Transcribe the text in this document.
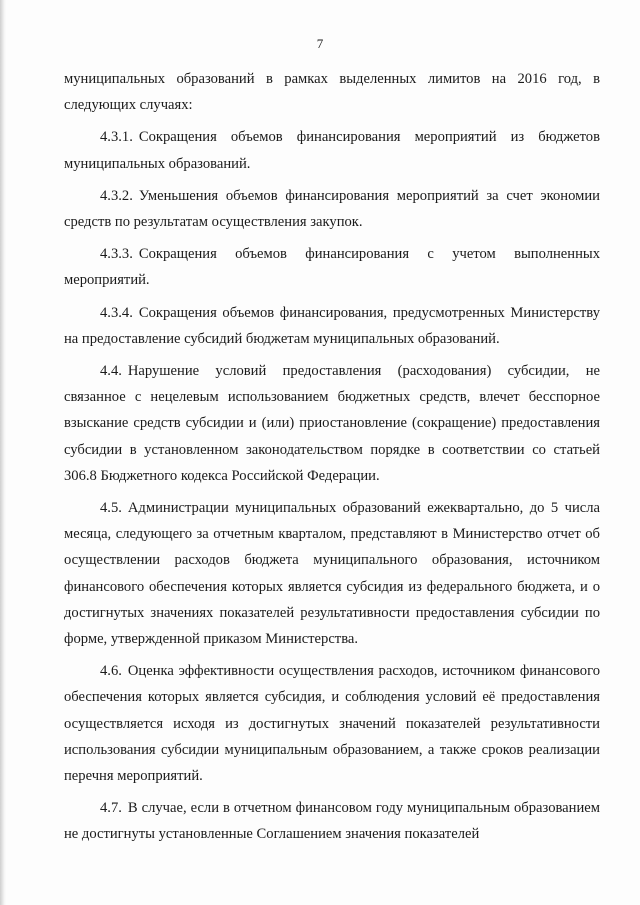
7

муниципальных образований в рамках выделенных лимитов на 2016 год, в следующих случаях:

4.3.1. Сокращения объемов финансирования мероприятий из бюджетов муниципальных образований.

4.3.2. Уменьшения объемов финансирования мероприятий за счет экономии средств по результатам осуществления закупок.

4.3.3. Сокращения объемов финансирования с учетом выполненных мероприятий.

4.3.4. Сокращения объемов финансирования, предусмотренных Министерству на предоставление субсидий бюджетам муниципальных образований.

4.4. Нарушение условий предоставления (расходования) субсидии, не связанное с нецелевым использованием бюджетных средств, влечет бесспорное взыскание средств субсидии и (или) приостановление (сокращение) предоставления субсидии в установленном законодательством порядке в соответствии со статьей 306.8 Бюджетного кодекса Российской Федерации.

4.5. Администрации муниципальных образований ежеквартально, до 5 числа месяца, следующего за отчетным кварталом, представляют в Министерство отчет об осуществлении расходов бюджета муниципального образования, источником финансового обеспечения которых является субсидия из федерального бюджета, и о достигнутых значениях показателей результативности предоставления субсидии по форме, утвержденной приказом Министерства.

4.6. Оценка эффективности осуществления расходов, источником финансового обеспечения которых является субсидия, и соблюдения условий её предоставления осуществляется исходя из достигнутых значений показателей результативности использования субсидии муниципальным образованием, а также сроков реализации перечня мероприятий.

4.7. В случае, если в отчетном финансовом году муниципальным образованием не достигнуты установленные Соглашением значения показателей
